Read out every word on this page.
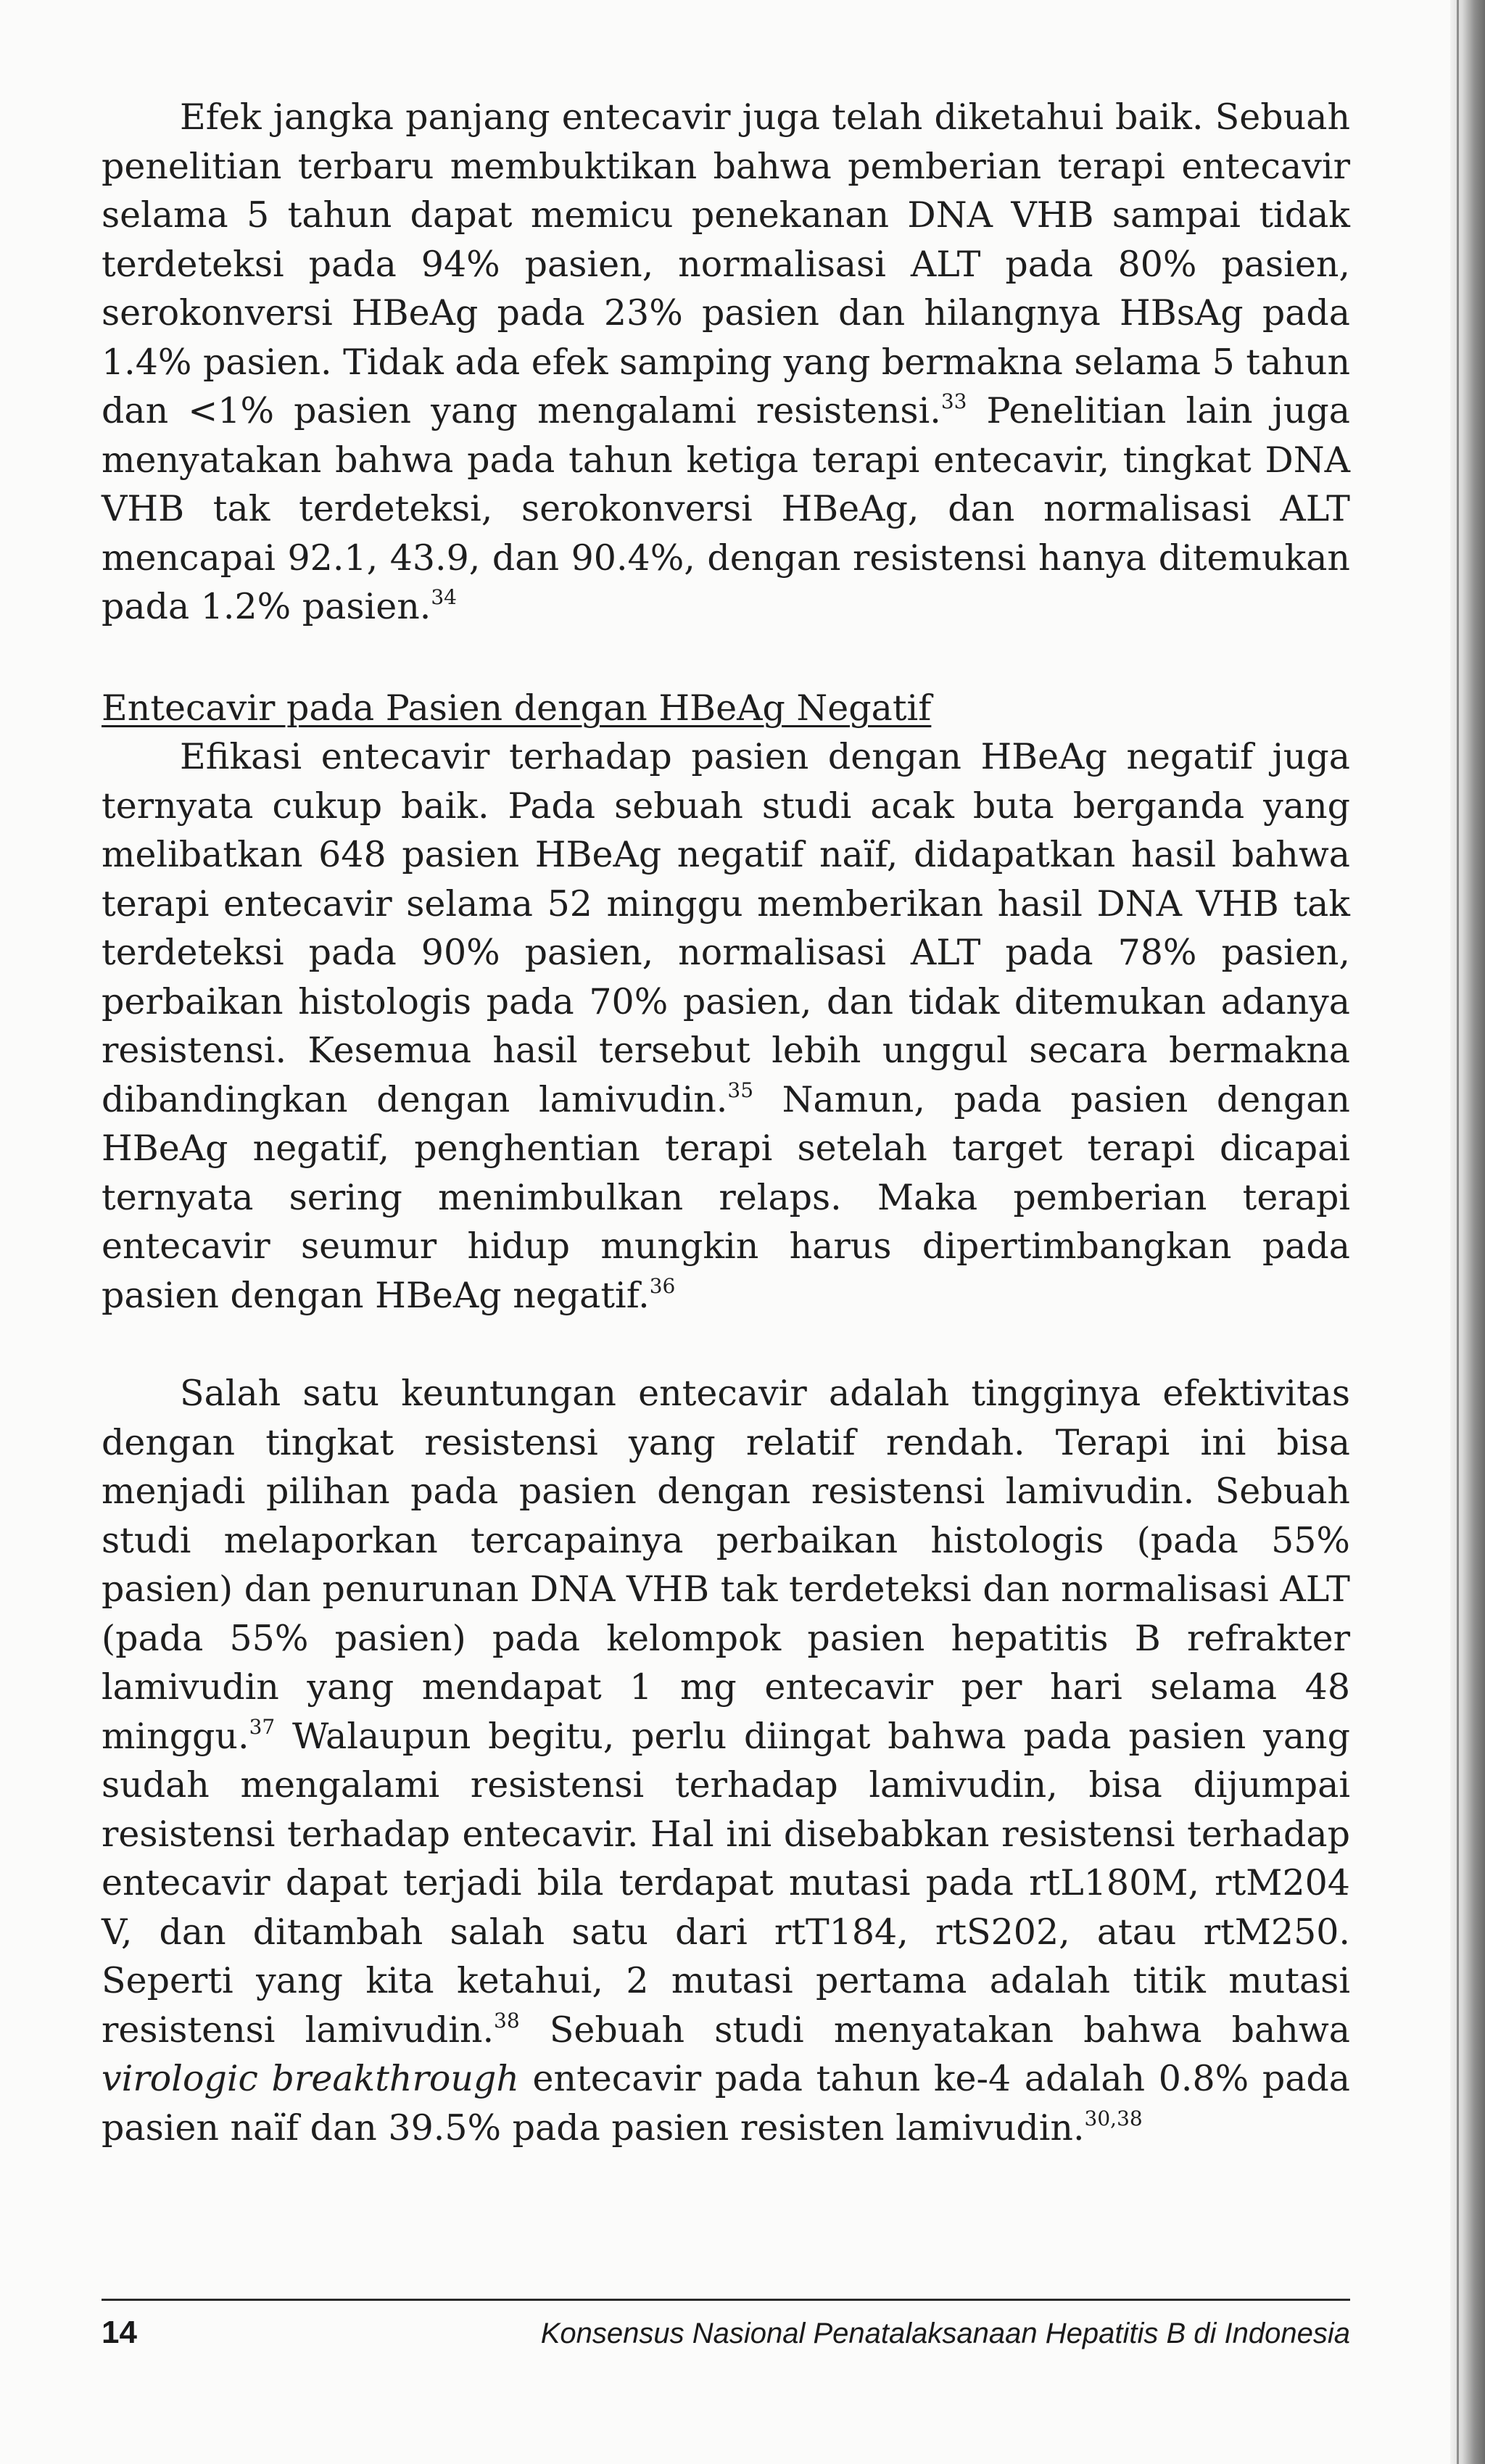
Efek jangka panjang entecavir juga telah diketahui baik. Sebuah penelitian terbaru membuktikan bahwa pemberian terapi entecavir selama 5 tahun dapat memicu penekanan DNA VHB sampai tidak terdeteksi pada 94% pasien, normalisasi ALT pada 80% pasien, serokonversi HBeAg pada 23% pasien dan hilangnya HBsAg pada 1.4% pasien. Tidak ada efek samping yang bermakna selama 5 tahun dan <1% pasien yang mengalami resistensi.$^{33}$ Penelitian lain juga menyatakan bahwa pada tahun ketiga terapi entecavir, tingkat DNA VHB tak terdeteksi, serokonversi HBeAg, dan normalisasi ALT mencapai 92.1, 43.9, dan 90.4%, dengan resistensi hanya ditemukan pada 1.2% pasien.$^{34}$

Entecavir pada Pasien dengan HBeAg Negatif

Efikasi entecavir terhadap pasien dengan HBeAg negatif juga ternyata cukup baik. Pada sebuah studi acak buta berganda yang melibatkan 648 pasien HBeAg negatif naïf, didapatkan hasil bahwa terapi entecavir selama 52 minggu memberikan hasil DNA VHB tak terdeteksi pada 90% pasien, normalisasi ALT pada 78% pasien, perbaikan histologis pada 70% pasien, dan tidak ditemukan adanya resistensi. Kesemua hasil tersebut lebih unggul secara bermakna dibandingkan dengan lamivudin.$^{35}$ Namun, pada pasien dengan HBeAg negatif, penghentian terapi setelah target terapi dicapai ternyata sering menimbulkan relaps. Maka pemberian terapi entecavir seumur hidup mungkin harus dipertimbangkan pada pasien dengan HBeAg negatif.$^{36}$

Salah satu keuntungan entecavir adalah tingginya efektivitas dengan tingkat resistensi yang relatif rendah. Terapi ini bisa menjadi pilihan pada pasien dengan resistensi lamivudin. Sebuah studi melaporkan tercapainya perbaikan histologis (pada 55% pasien) dan penurunan DNA VHB tak terdeteksi dan normalisasi ALT (pada 55% pasien) pada kelompok pasien hepatitis B refrakter lamivudin yang mendapat 1 mg entecavir per hari selama 48 minggu.$^{37}$ Walaupun begitu, perlu diingat bahwa pada pasien yang sudah mengalami resistensi terhadap lamivudin, bisa dijumpai resistensi terhadap entecavir. Hal ini disebabkan resistensi terhadap entecavir dapat terjadi bila terdapat mutasi pada rtL180M, rtM204 V, dan ditambah salah satu dari rtT184, rtS202, atau rtM250. Seperti yang kita ketahui, 2 mutasi pertama adalah titik mutasi resistensi lamivudin.$^{38}$ Sebuah studi menyatakan bahwa bahwa virologic breakthrough entecavir pada tahun ke-4 adalah 0.8% pada pasien naïf dan 39.5% pada pasien resisten lamivudin.$^{30,38}$

14	Konsensus Nasional Penatalaksanaan Hepatitis B di Indonesia
